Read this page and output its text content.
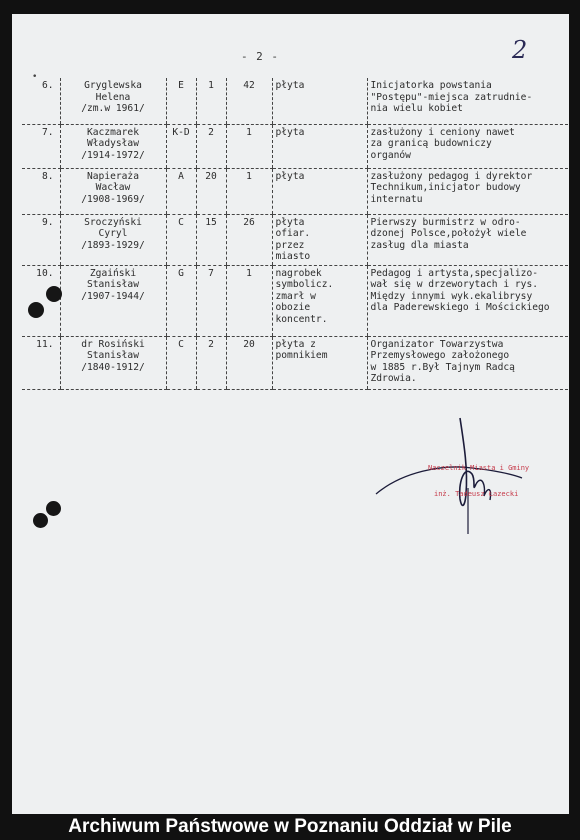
- 2 -	2
•
6.	Gryglewska
Helena
/zm.w 1961/	E	1	42	płyta	Inicjatorka powstania
"Postępu"-miejsca zatrudnie-
nia wielu kobiet

7.	Kaczmarek
Władysław
/1914-1972/	K-D	2	1	płyta	zasłużony i ceniony nawet
za granicą budowniczy
organów

8.	Napieraża
Wacław
/1908-1969/	A	20	1	płyta	zasłużony pedagog i dyrektor
Technikum,inicjator budowy
internatu

9.	Sroczyński
Cyryl
/1893-1929/	C	15	26	płyta
ofiar.
przez
miasto	Pierwszy burmistrz w odro-
dzonej Polsce,położył wiele
zasług dla miasta

10.	Zgaiński
Stanisław
/1907-1944/	G	7	1	nagrobek
symbolicz.
zmarł w
obozie
koncentr.	Pedagog i artysta,specjalizo-
wał się w drzeworytach i rys.
Między innymi wyk.ekalibrysy
dla Paderewskiego i Mościckiego

11.	dr Rosiński
Stanisław
/1840-1912/	C	2	20	płyta z
pomnikiem	Organizator Towarzystwa
Przemysłowego założonego
w 1885 r.Był Tajnym Radcą
Zdrowia.
Naczelnik Miasta i Gminy
inż. Tadeusz Łazecki
Archiwum Państwowe w Poznaniu Oddział w Pile
